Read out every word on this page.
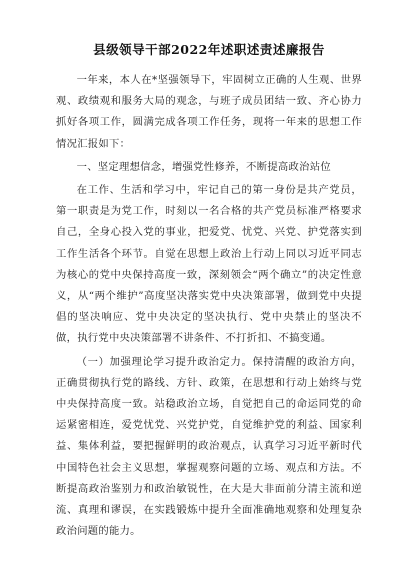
县级领导干部2022年述职述责述廉报告

一年来，本人在*坚强领导下，牢固树立正确的人生观、世界观、政绩观和服务大局的观念，与班子成员团结一致、齐心协力抓好各项工作，圆满完成各项工作任务，现将一年来的思想工作情况汇报如下：

一、坚定理想信念，增强党性修养，不断提高政治站位

在工作、生活和学习中，牢记自己的第一身份是共产党员，第一职责是为党工作，时刻以一名合格的共产党员标准严格要求自己，全身心投入党的事业，把爱党、忧党、兴党、护党落实到工作生活各个环节。自觉在思想上政治上行动上同以习近平同志为核心的党中央保持高度一致，深刻领会“两个确立”的决定性意义，从“两个维护”高度坚决落实党中央决策部署，做到党中央提倡的坚决响应、党中央决定的坚决执行、党中央禁止的坚决不做，执行党中央决策部署不讲条件、不打折扣、不搞变通。

（一）加强理论学习提升政治定力。保持清醒的政治方向，正确贯彻执行党的路线、方针、政策，在思想和行动上始终与党中央保持高度一致。站稳政治立场，自觉把自己的命运同党的命运紧密相连，爱党忧党、兴党护党，自觉维护党的利益、国家利益、集体利益，要把握鲜明的政治观点，认真学习习近平新时代中国特色社会主义思想，掌握观察问题的立场、观点和方法。不断提高政治鉴别力和政治敏锐性，在大是大非面前分清主流和逆流、真理和谬误，在实践锻炼中提升全面准确地观察和处理复杂政治问题的能力。
